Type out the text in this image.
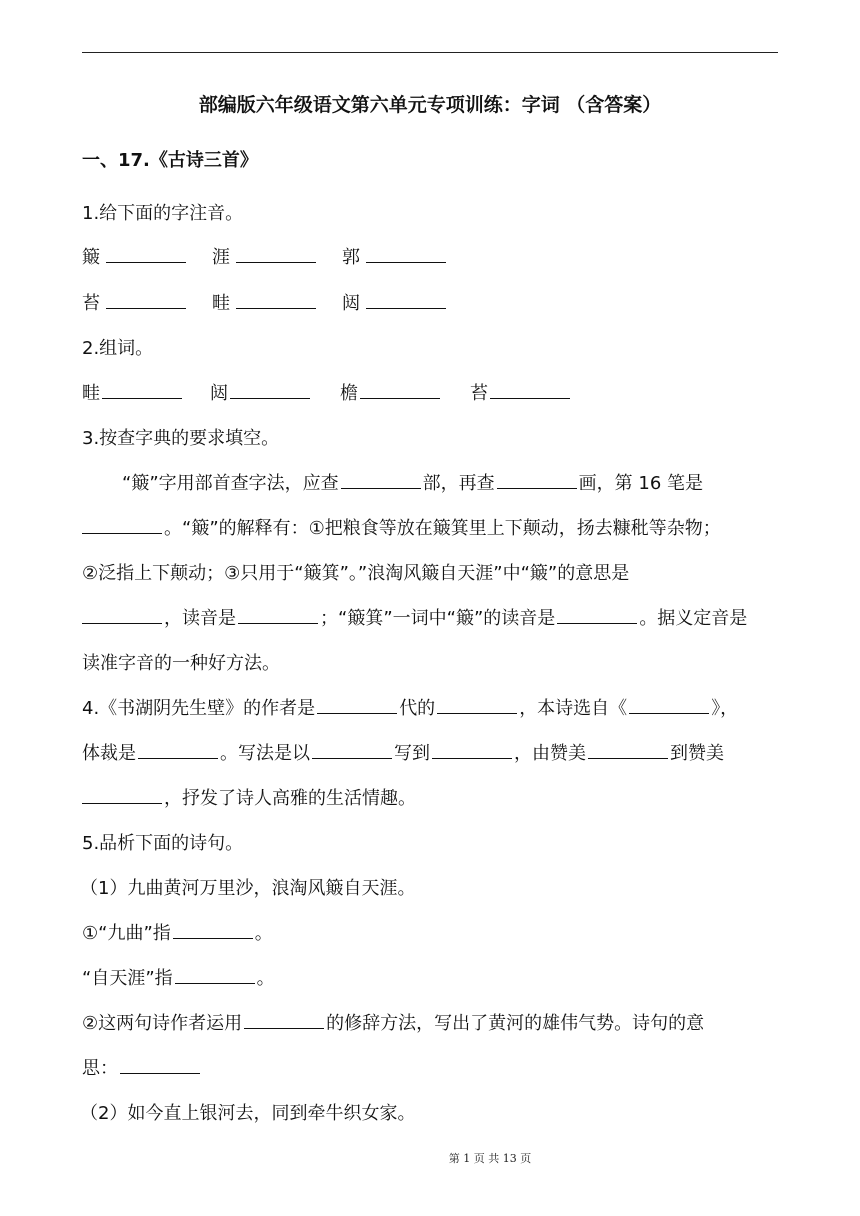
部编版六年级语文第六单元专项训练：字词 （含答案）
一、17.《古诗三首》
1.给下面的字注音。
簸	涯	郭
苔	畦	闼
2.组词。
畦	闼	檐	苔
3.按查字典的要求填空。
“簸”字用部首查字法，应查	部，再查	画，第 16 笔是
。“簸”的解释有：①把粮食等放在簸箕里上下颠动，扬去糠秕等杂物；
②泛指上下颠动；③只用于“簸箕”。”浪淘风簸自天涯”中“簸”的意思是
，读音是	；“簸箕”一词中“簸”的读音是	。据义定音是
读准字音的一种好方法。
4.《书湖阴先生壁》的作者是	代的	，本诗选自《	》，
体裁是	。写法是以	写到	，由赞美	到赞美
，抒发了诗人高雅的生活情趣。
5.品析下面的诗句。
（1）九曲黄河万里沙，浪淘风簸自天涯。
①“九曲”指	。
“自天涯”指	。
②这两句诗作者运用	的修辞方法，写出了黄河的雄伟气势。诗句的意
思：
（2）如今直上银河去，同到牵牛织女家。
第 1 页 共 13 页
